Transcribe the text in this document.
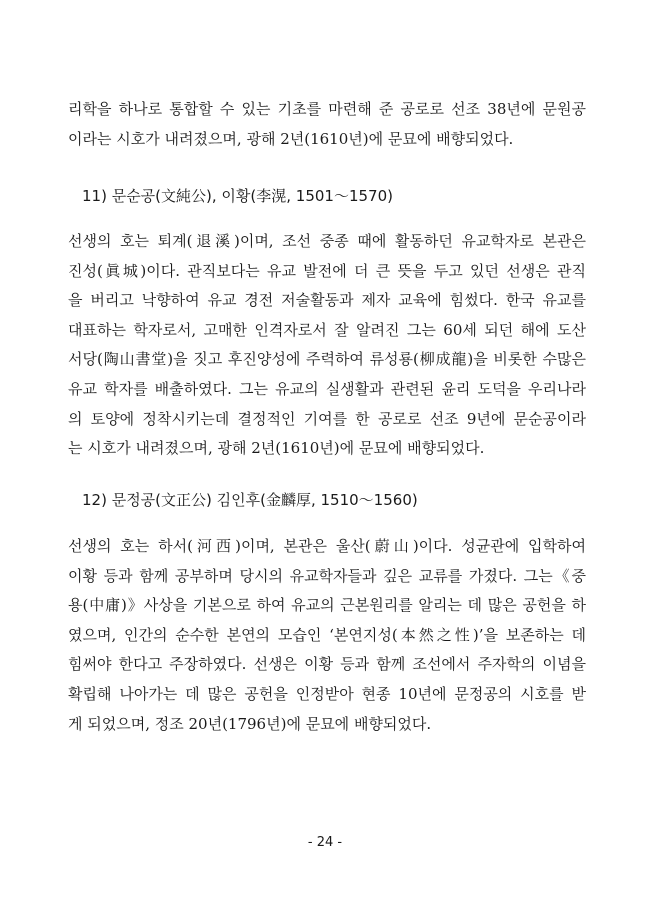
리학을 하나로 통합할 수 있는 기초를 마련해 준 공로로 선조 38년에 문원공
이라는 시호가 내려졌으며, 광해 2년(1610년)에 문묘에 배향되었다.
11) 문순공(文純公), 이황(李滉, 1501～1570)
선생의 호는 퇴계(退溪)이며, 조선 중종 때에 활동하던 유교학자로 본관은
진성(眞城)이다. 관직보다는 유교 발전에 더 큰 뜻을 두고 있던 선생은 관직
을 버리고 낙향하여 유교 경전 저술활동과 제자 교육에 힘썼다. 한국 유교를
대표하는 학자로서, 고매한 인격자로서 잘 알려진 그는 60세 되던 해에 도산
서당(陶山書堂)을 짓고 후진양성에 주력하여 류성룡(柳成龍)을 비롯한 수많은
유교 학자를 배출하였다. 그는 유교의 실생활과 관련된 윤리 도덕을 우리나라
의 토양에 정착시키는데 결정적인 기여를 한 공로로 선조 9년에 문순공이라
는 시호가 내려졌으며, 광해 2년(1610년)에 문묘에 배향되었다.
12) 문정공(文正公) 김인후(金麟厚, 1510～1560)
선생의 호는 하서(河西)이며, 본관은 울산(蔚山)이다. 성균관에 입학하여
이황 등과 함께 공부하며 당시의 유교학자들과 깊은 교류를 가졌다. 그는《중
용(中庸)》사상을 기본으로 하여 유교의 근본원리를 알리는 데 많은 공헌을 하
였으며, 인간의 순수한 본연의 모습인 ‘본연지성(本然之性)’을 보존하는 데
힘써야 한다고 주장하였다. 선생은 이황 등과 함께 조선에서 주자학의 이념을
확립해 나아가는 데 많은 공헌을 인정받아 현종 10년에 문정공의 시호를 받
게 되었으며, 정조 20년(1796년)에 문묘에 배향되었다.
- 24 -
